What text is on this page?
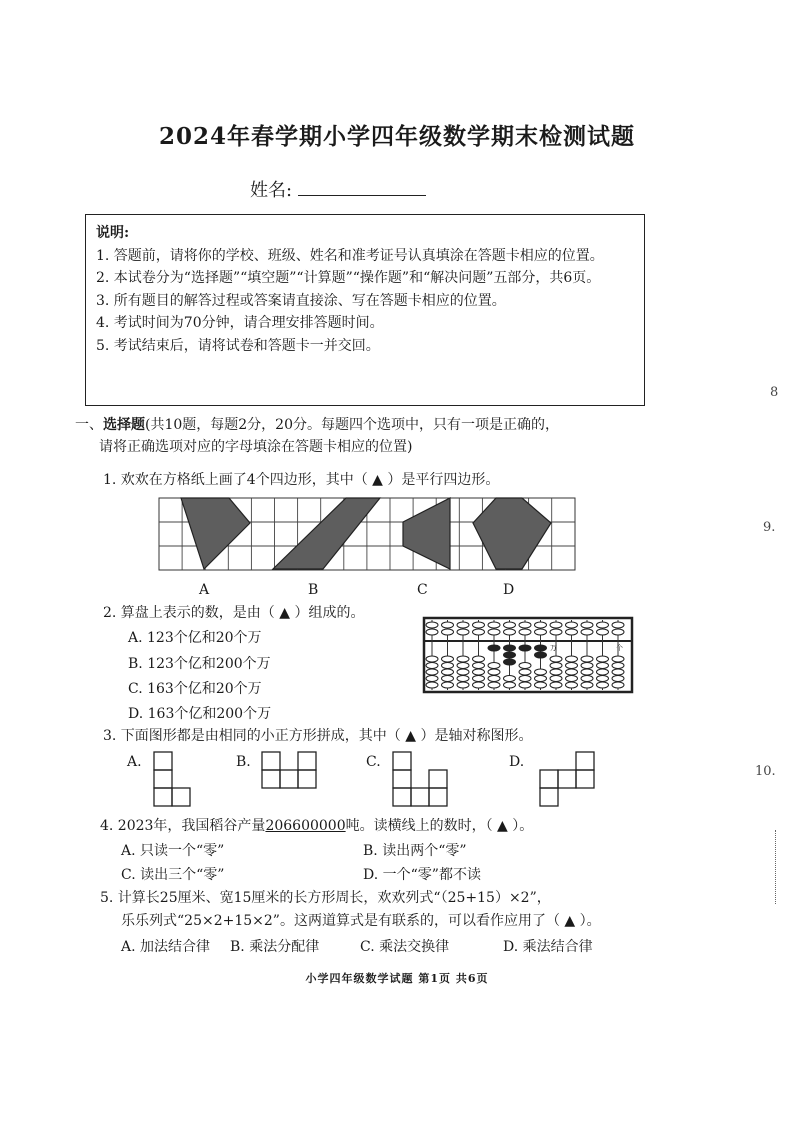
2024年春学期小学四年级数学期末检测试题
姓名:
说明:
1. 答题前，请将你的学校、班级、姓名和准考证号认真填涂在答题卡相应的位置。
2. 本试卷分为“选择题”“填空题”“计算题”“操作题”和“解决问题”五部分，共6页。
3. 所有题目的解答过程或答案请直接涂、写在答题卡相应的位置。
4. 考试时间为70分钟，请合理安排答题时间。
5. 考试结束后，请将试卷和答题卡一并交回。
一、选择题(共10题，每题2分，20分。每题四个选项中，只有一项是正确的，
请将正确选项对应的字母填涂在答题卡相应的位置)
1. 欢欢在方格纸上画了4个四边形，其中（ ▲ ）是平行四边形。
A	B	C	D
2. 算盘上表示的数，是由（ ▲ ）组成的。
A. 123个亿和20个万
B. 123个亿和200个万
C. 163个亿和20个万
D. 163个亿和200个万
亿	万	个
3. 下面图形都是由相同的小正方形拼成，其中（ ▲ ）是轴对称图形。
A.	B.	C.	D.
4. 2023年，我国稻谷产量206600000吨。读横线上的数时，（ ▲ ）。
A. 只读一个“零”	B. 读出两个“零”
C. 读出三个“零”	D. 一个“零”都不读
5. 计算长25厘米、宽15厘米的长方形周长，欢欢列式“（25+15）×2”，
乐乐列式“25×2+15×2”。这两道算式是有联系的，可以看作应用了（ ▲ ）。
A. 加法结合律 B. 乘法分配律	C. 乘法交换律	D. 乘法结合律
小学四年级数学试题 第1页 共6页
8
9.
10.
